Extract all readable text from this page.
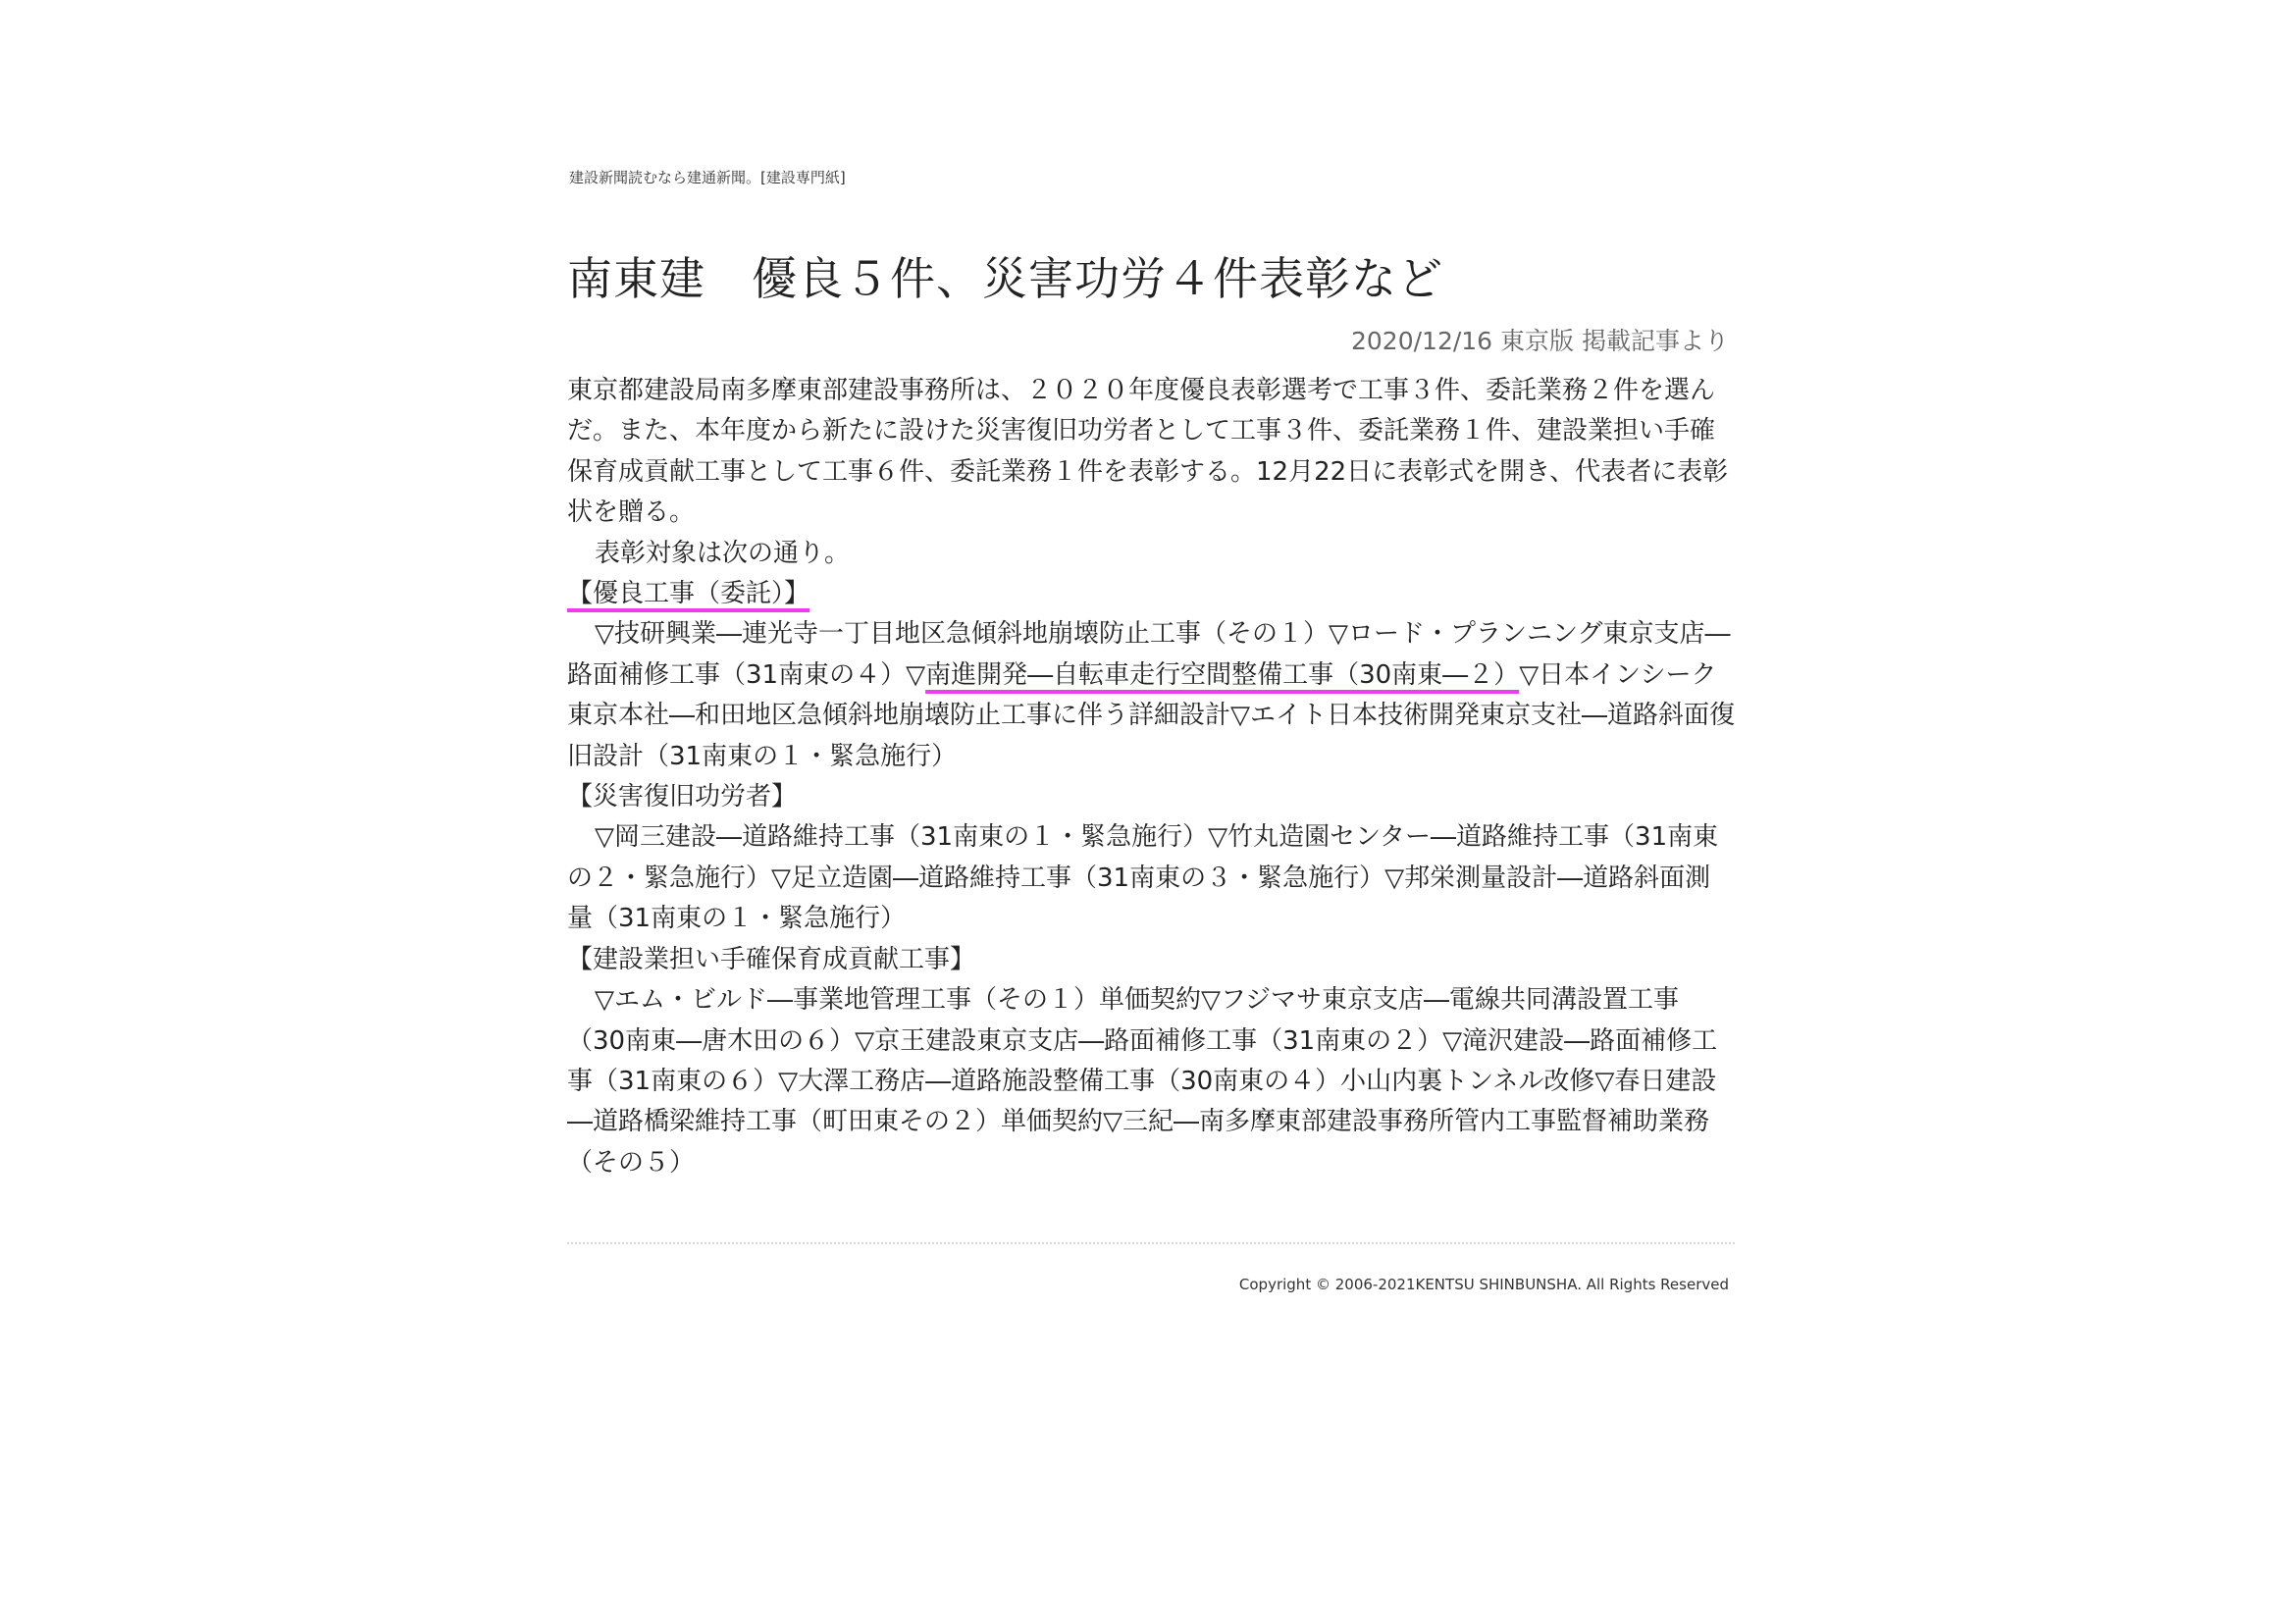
建設新聞読むなら建通新聞。[建設専門紙]
南東建　優良５件、災害功労４件表彰など
2020/12/16 東京版 掲載記事より

東京都建設局南多摩東部建設事務所は、２０２０年度優良表彰選考で工事３件、委託業務２件を選んだ。また、本年度から新たに設けた災害復旧功労者として工事３件、委託業務１件、建設業担い手確保育成貢献工事として工事６件、委託業務１件を表彰する。12月22日に表彰式を開き、代表者に表彰状を贈る。

表彰対象は次の通り。

【優良工事（委託）】

▽技研興業―連光寺一丁目地区急傾斜地崩壊防止工事（その１）▽ロード・プランニング東京支店―路面補修工事（31南東の４）▽南進開発―自転車走行空間整備工事（30南東―２）▽日本インシーク東京本社―和田地区急傾斜地崩壊防止工事に伴う詳細設計▽エイト日本技術開発東京支社―道路斜面復旧設計（31南東の１・緊急施行）

【災害復旧功労者】

▽岡三建設―道路維持工事（31南東の１・緊急施行）▽竹丸造園センター―道路維持工事（31南東の２・緊急施行）▽足立造園―道路維持工事（31南東の３・緊急施行）▽邦栄測量設計―道路斜面測量（31南東の１・緊急施行）

【建設業担い手確保育成貢献工事】

▽エム・ビルド―事業地管理工事（その１）単価契約▽フジマサ東京支店―電線共同溝設置工事（30南東―唐木田の６）▽京王建設東京支店―路面補修工事（31南東の２）▽滝沢建設―路面補修工事（31南東の６）▽大澤工務店―道路施設整備工事（30南東の４）小山内裏トンネル改修▽春日建設―道路橋梁維持工事（町田東その２）単価契約▽三紀―南多摩東部建設事務所管内工事監督補助業務（その５）

Copyright © 2006-2021KENTSU SHINBUNSHA. All Rights Reserved
